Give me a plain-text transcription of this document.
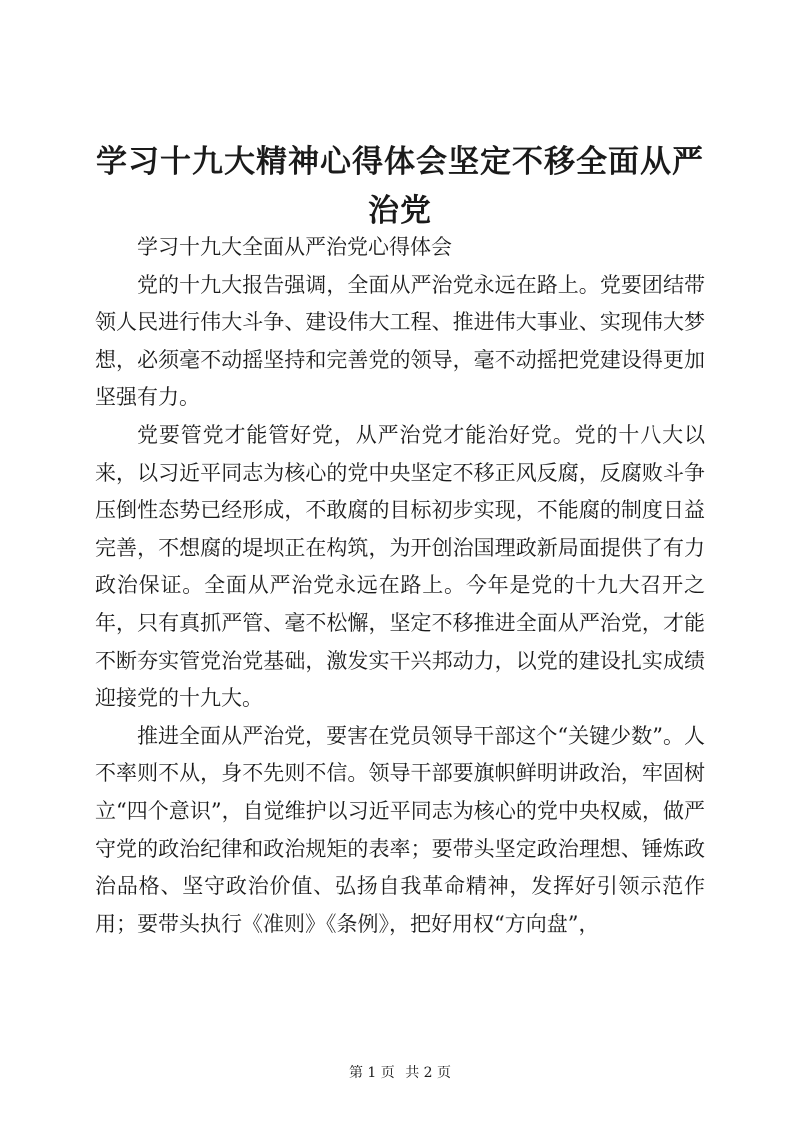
学习十九大精神心得体会坚定不移全面从严治党

学习十九大全面从严治党心得体会

党的十九大报告强调，全面从严治党永远在路上。党要团结带领人民进行伟大斗争、建设伟大工程、推进伟大事业、实现伟大梦想，必须毫不动摇坚持和完善党的领导，毫不动摇把党建设得更加坚强有力。

党要管党才能管好党，从严治党才能治好党。党的十八大以来，以习近平同志为核心的党中央坚定不移正风反腐，反腐败斗争压倒性态势已经形成，不敢腐的目标初步实现，不能腐的制度日益完善，不想腐的堤坝正在构筑，为开创治国理政新局面提供了有力政治保证。全面从严治党永远在路上。今年是党的十九大召开之年，只有真抓严管、毫不松懈，坚定不移推进全面从严治党，才能不断夯实管党治党基础，激发实干兴邦动力，以党的建设扎实成绩迎接党的十九大。

推进全面从严治党，要害在党员领导干部这个“关键少数”。人不率则不从，身不先则不信。领导干部要旗帜鲜明讲政治，牢固树立“四个意识”，自觉维护以习近平同志为核心的党中央权威，做严守党的政治纪律和政治规矩的表率；要带头坚定政治理想、锤炼政治品格、坚守政治价值、弘扬自我革命精神，发挥好引领示范作用；要带头执行《准则》《条例》，把好用权“方向盘”，

第 1 页 共 2 页
